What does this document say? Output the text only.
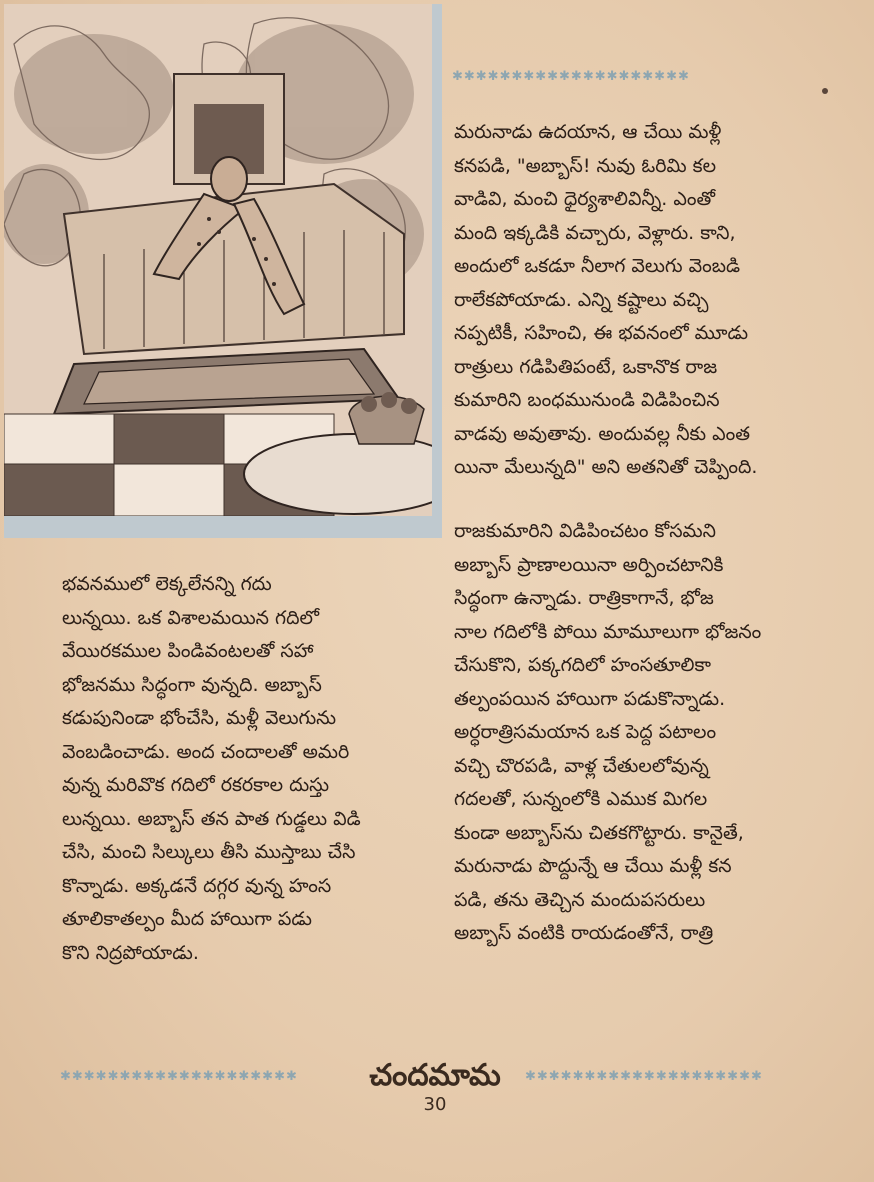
✱✱✱✱✱✱✱✱✱✱✱✱✱✱✱✱✱✱✱✱
మరునాడు ఉదయాన, ఆ చేయి మళ్లీ
కనపడి, "అబ్బాస్! నువు ఓరిమి కల
వాడివి, మంచి ధైర్యశాలివిన్నీ. ఎంతో
మంది ఇక్కడికి వచ్చారు, వెళ్లారు. కాని,
అందులో ఒకడూ నీలాగ వెలుగు వెంబడి
రాలేకపోయాడు. ఎన్ని కష్టాలు వచ్చి
నప్పటికీ, సహించి, ఈ భవనంలో మూడు
రాత్రులు గడిపితిపంటే, ఒకానొక రాజ
కుమారిని బంధమునుండి విడిపించిన
వాడవు అవుతావు. అందువల్ల నీకు ఎంత
యినా మేలున్నది" అని అతనితో చెప్పింది.
రాజకుమారిని విడిపించటం కోసమని
అబ్బాస్ ప్రాణాలయినా అర్పించటానికి
సిద్ధంగా ఉన్నాడు. రాత్రికాగానే, భోజ
నాల గదిలోకి పోయి మామూలుగా భోజనం
చేసుకొని, పక్కగదిలో హంసతూలికా
తల్పంపయిన హాయిగా పడుకొన్నాడు.
అర్ధరాత్రిసమయాన ఒక పెద్ద పటాలం
వచ్చి చొరపడి, వాళ్ల చేతులలోవున్న
గదలతో, సున్నంలోకి ఎముక మిగల
కుండా అబ్బాస్‌ను చితకగొట్టారు. కానైతే,
మరునాడు పొద్దున్నే ఆ చేయి మళ్లీ కన
పడి, తను తెచ్చిన మందుపసరులు
అబ్బాస్ వంటికి రాయడంతోనే, రాత్రి
భవనములో లెక్కలేనన్ని గదు
లున్నయి. ఒక విశాలమయిన గదిలో
వేయిరకముల పిండివంటలతో సహా
భోజనము సిద్ధంగా వున్నది. అబ్బాస్
కడుపునిండా భోంచేసి, మళ్లీ వెలుగును
వెంబడించాడు. అంద చందాలతో అమరి
వున్న మరివొక గదిలో రకరకాల దుస్తు
లున్నయి. అబ్బాస్ తన పాత గుడ్డలు విడి
చేసి, మంచి సిల్కులు తీసి ముస్తాబు చేసి
కొన్నాడు. అక్కడనే దగ్గర వున్న హంస
తూలికాతల్పం మీద హాయిగా పడు
కొని నిద్రపోయాడు.
✱✱✱✱✱✱✱✱✱✱✱✱✱✱✱✱✱✱✱✱	చందమామ	✱✱✱✱✱✱✱✱✱✱✱✱✱✱✱✱✱✱✱✱
30
